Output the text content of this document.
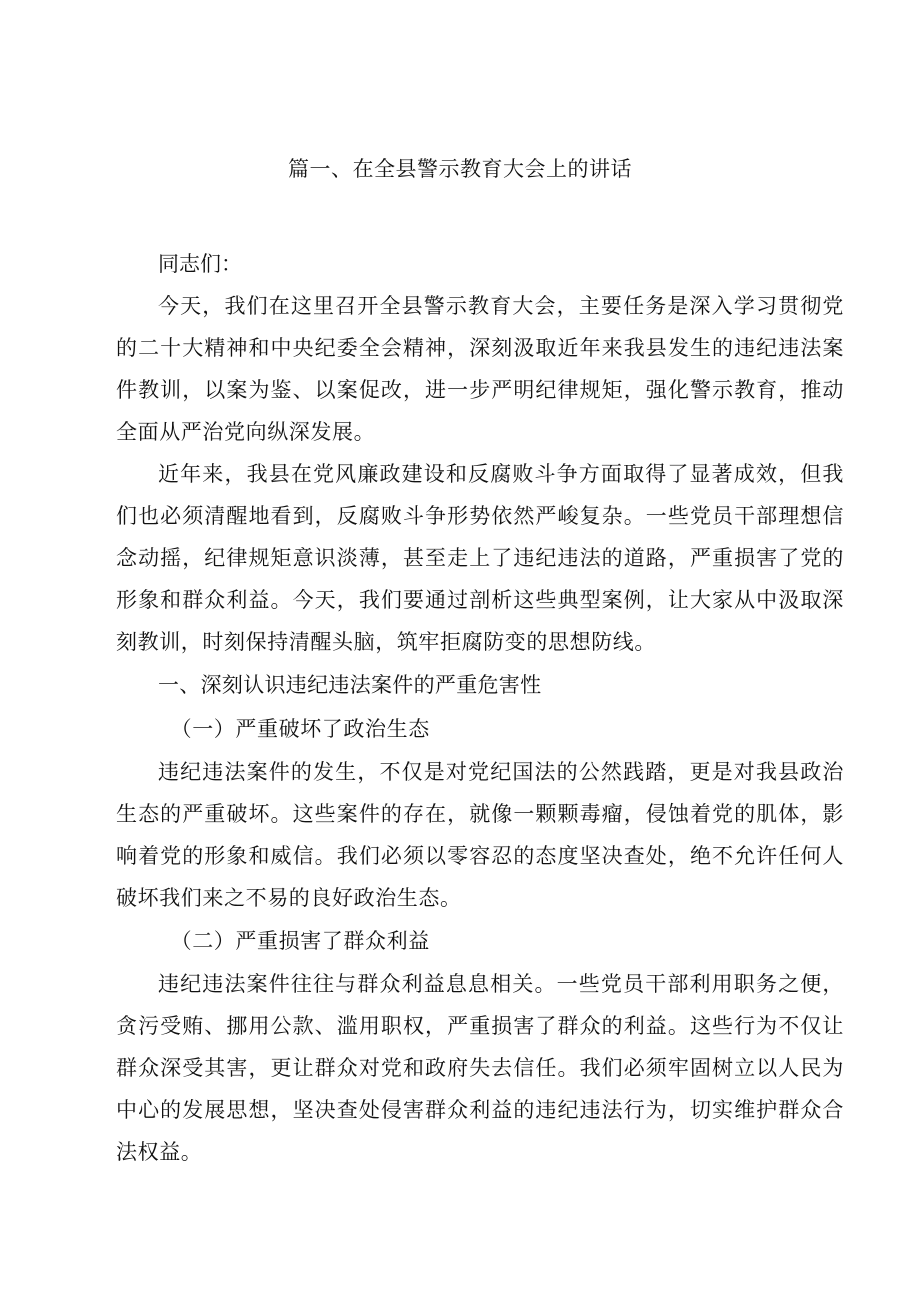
篇一、在全县警示教育大会上的讲话

同志们：

今天，我们在这里召开全县警示教育大会，主要任务是深入学习贯彻党的二十大精神和中央纪委全会精神，深刻汲取近年来我县发生的违纪违法案件教训，以案为鉴、以案促改，进一步严明纪律规矩，强化警示教育，推动全面从严治党向纵深发展。

近年来，我县在党风廉政建设和反腐败斗争方面取得了显著成效，但我们也必须清醒地看到，反腐败斗争形势依然严峻复杂。一些党员干部理想信念动摇，纪律规矩意识淡薄，甚至走上了违纪违法的道路，严重损害了党的形象和群众利益。今天，我们要通过剖析这些典型案例，让大家从中汲取深刻教训，时刻保持清醒头脑，筑牢拒腐防变的思想防线。

一、深刻认识违纪违法案件的严重危害性

（一）严重破坏了政治生态

违纪违法案件的发生，不仅是对党纪国法的公然践踏，更是对我县政治生态的严重破坏。这些案件的存在，就像一颗颗毒瘤，侵蚀着党的肌体，影响着党的形象和威信。我们必须以零容忍的态度坚决查处，绝不允许任何人破坏我们来之不易的良好政治生态。

（二）严重损害了群众利益

违纪违法案件往往与群众利益息息相关。一些党员干部利用职务之便，贪污受贿、挪用公款、滥用职权，严重损害了群众的利益。这些行为不仅让群众深受其害，更让群众对党和政府失去信任。我们必须牢固树立以人民为中心的发展思想，坚决查处侵害群众利益的违纪违法行为，切实维护群众合法权益。
